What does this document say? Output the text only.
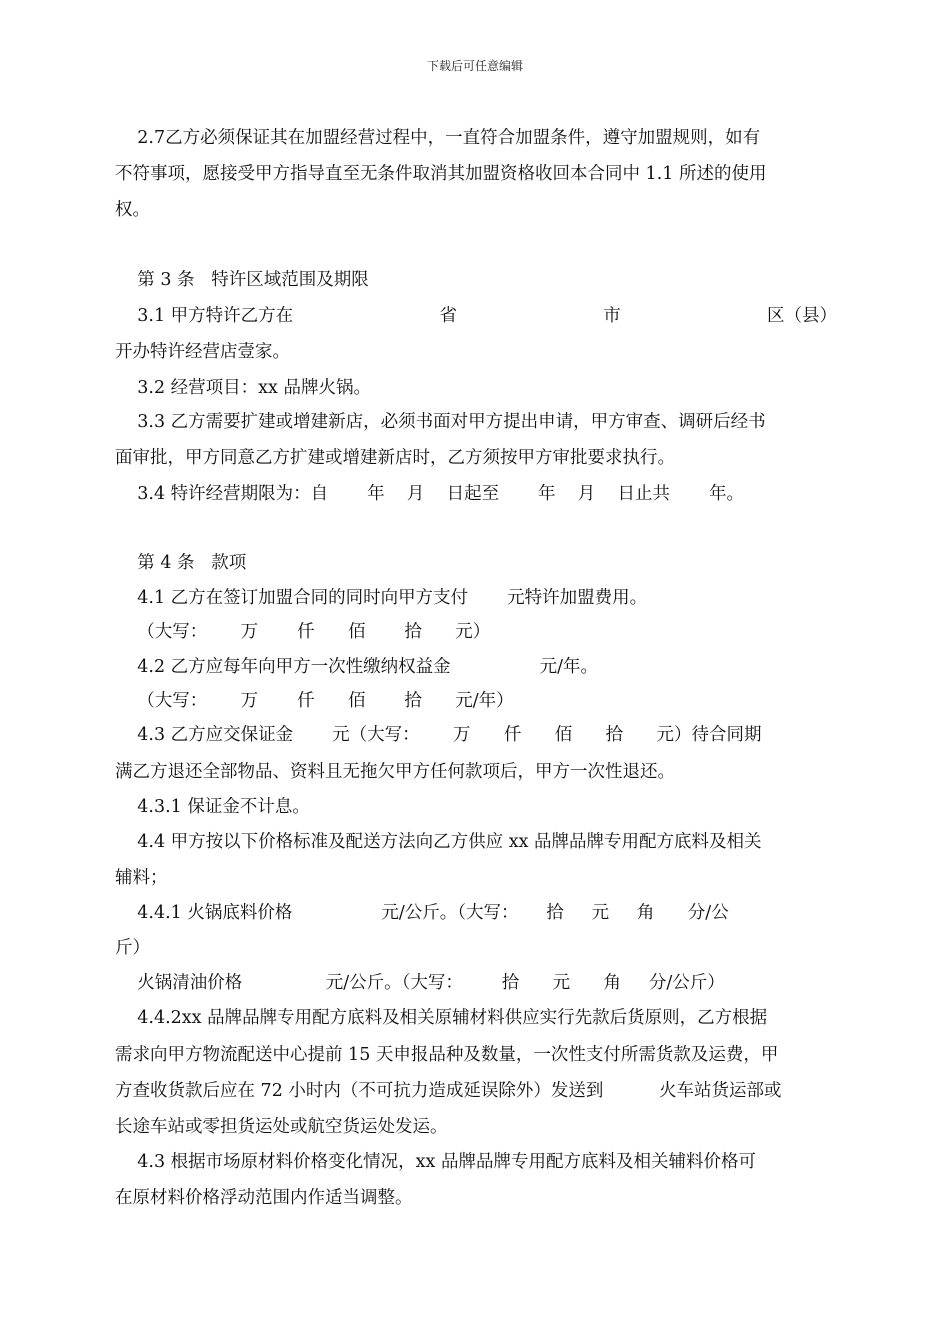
下载后可任意编辑
2.7乙方必须保证其在加盟经营过程中，一直符合加盟条件，遵守加盟规则，如有
不符事项，愿接受甲方指导直至无条件取消其加盟资格收回本合同中 1.1 所述的使用
权。
第 3 条   特许区域范围及期限
3.1 甲方特许乙方在	省	市	区（县）
开办特许经营店壹家。
3.2 经营项目：xx 品牌火锅。
3.3 乙方需要扩建或增建新店，必须书面对甲方提出申请，甲方审查、调研后经书
面审批，甲方同意乙方扩建或增建新店时，乙方须按甲方审批要求执行。
3.4 特许经营期限为：自       年    月    日起至       年    月    日止共       年。
第 4 条   款项
4.1 乙方在签订加盟合同的同时向甲方支付       元特许加盟费用。
（大写：      万       仟      佰       拾      元）
4.2 乙方应每年向甲方一次性缴纳权益金                元/年。
（大写：      万       仟      佰       拾      元/年）
4.3 乙方应交保证金       元（大写：      万      仟      佰      拾      元）待合同期
满乙方退还全部物品、资料且无拖欠甲方任何款项后，甲方一次性退还。
4.3.1 保证金不计息。
4.4 甲方按以下价格标准及配送方法向乙方供应 xx 品牌品牌专用配方底料及相关
辅料；
4.4.1 火锅底料价格                元/公斤。（大写：     拾     元     角      分/公
斤）
火锅清油价格               元/公斤。（大写：       拾      元      角     分/公斤）
4.4.2xx 品牌品牌专用配方底料及相关原辅材料供应实行先款后货原则，乙方根据
需求向甲方物流配送中心提前 15 天申报品种及数量，一次性支付所需货款及运费，甲
方查收货款后应在 72 小时内（不可抗力造成延误除外）发送到          火车站货运部或
长途车站或零担货运处或航空货运处发运。
4.3 根据市场原材料价格变化情况，xx 品牌品牌专用配方底料及相关辅料价格可
在原材料价格浮动范围内作适当调整。
